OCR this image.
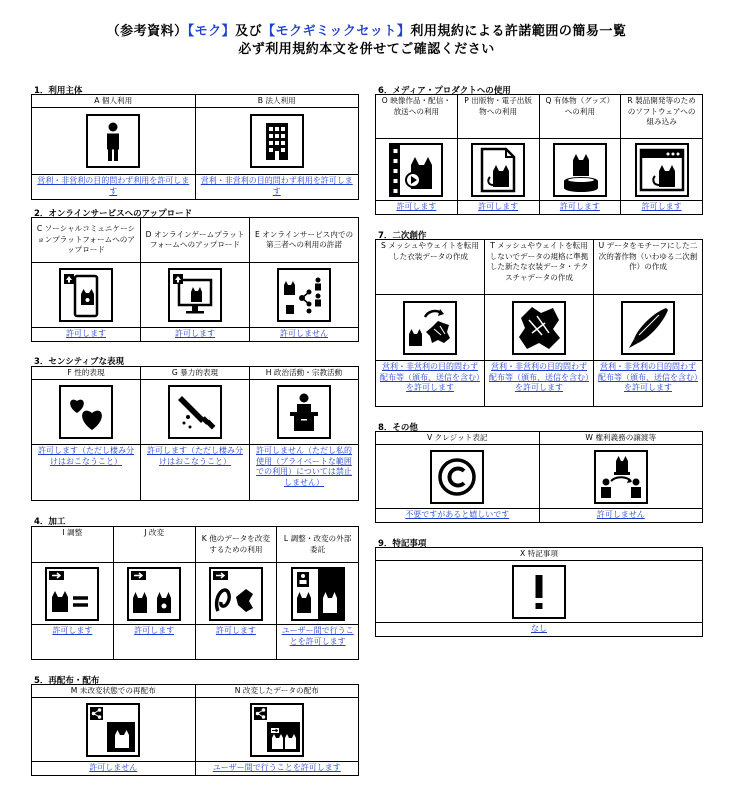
（参考資料）【モク】及び【モクギミックセット】利用規約による許諾範囲の簡易一覧
必ず利用規約本文を併せてご確認ください
1．利用主体
A 個人利用
営利・非営利の目的問わず利用を許可します
B 法人利用
営利・非営利の目的問わず利用を許可します
2．オンラインサービスへのアップロード
C ソーシャルコミュニケーションプラットフォームへのアップロード
許可します
D オンラインゲームプラットフォームへのアップロード
許可します
E オンラインサービス内での第三者への利用の許諾
許可しません
3．センシティブな表現
F 性的表現
許可します（ただし棲み分けはおこなうこと）
G 暴力的表現
許可します（ただし棲み分けはおこなうこと）
H 政治活動・宗教活動
許可しません（ただし私的使用（プライベートな範囲での利用）については禁止しません）
4．加工
I 調整
許可します
J 改変
許可します
K 他のデータを改変するための利用
許可します
L 調整・改変の外部委託
ユーザー間で行うことを許可します
5．再配布・配布
M 未改変状態での再配布
許可しません
N 改変したデータの配布
ユーザー間で行うことを許可します
6．メディア・プロダクトへの使用
O 映像作品・配信・放送への利用
許可します
P 出版物・電子出版物への利用
許可します
Q 有体物（グッズ）への利用
許可します
R 製品開発等のためのソフトウェアへの組み込み
許可します
7．二次創作
S メッシュやウェイトを転用した衣装データの作成
営利・非営利の目的問わず配布等（頒布、送信を含む）を許可します
T メッシュやウェイトを転用しないでデータの規格に準拠した新たな衣装データ・テクスチャデータの作成
営利・非営利の目的問わず配布等（頒布、送信を含む）を許可します
U データをモチーフにした二次的著作物（いわゆる二次創作）の作成
営利・非営利の目的問わず配布等（頒布、送信を含む）を許可します
8．その他
V クレジット表記
不要ですがあると嬉しいです
W 権利義務の譲渡等
許可しません
9．特記事項
X 特記事項
なし
